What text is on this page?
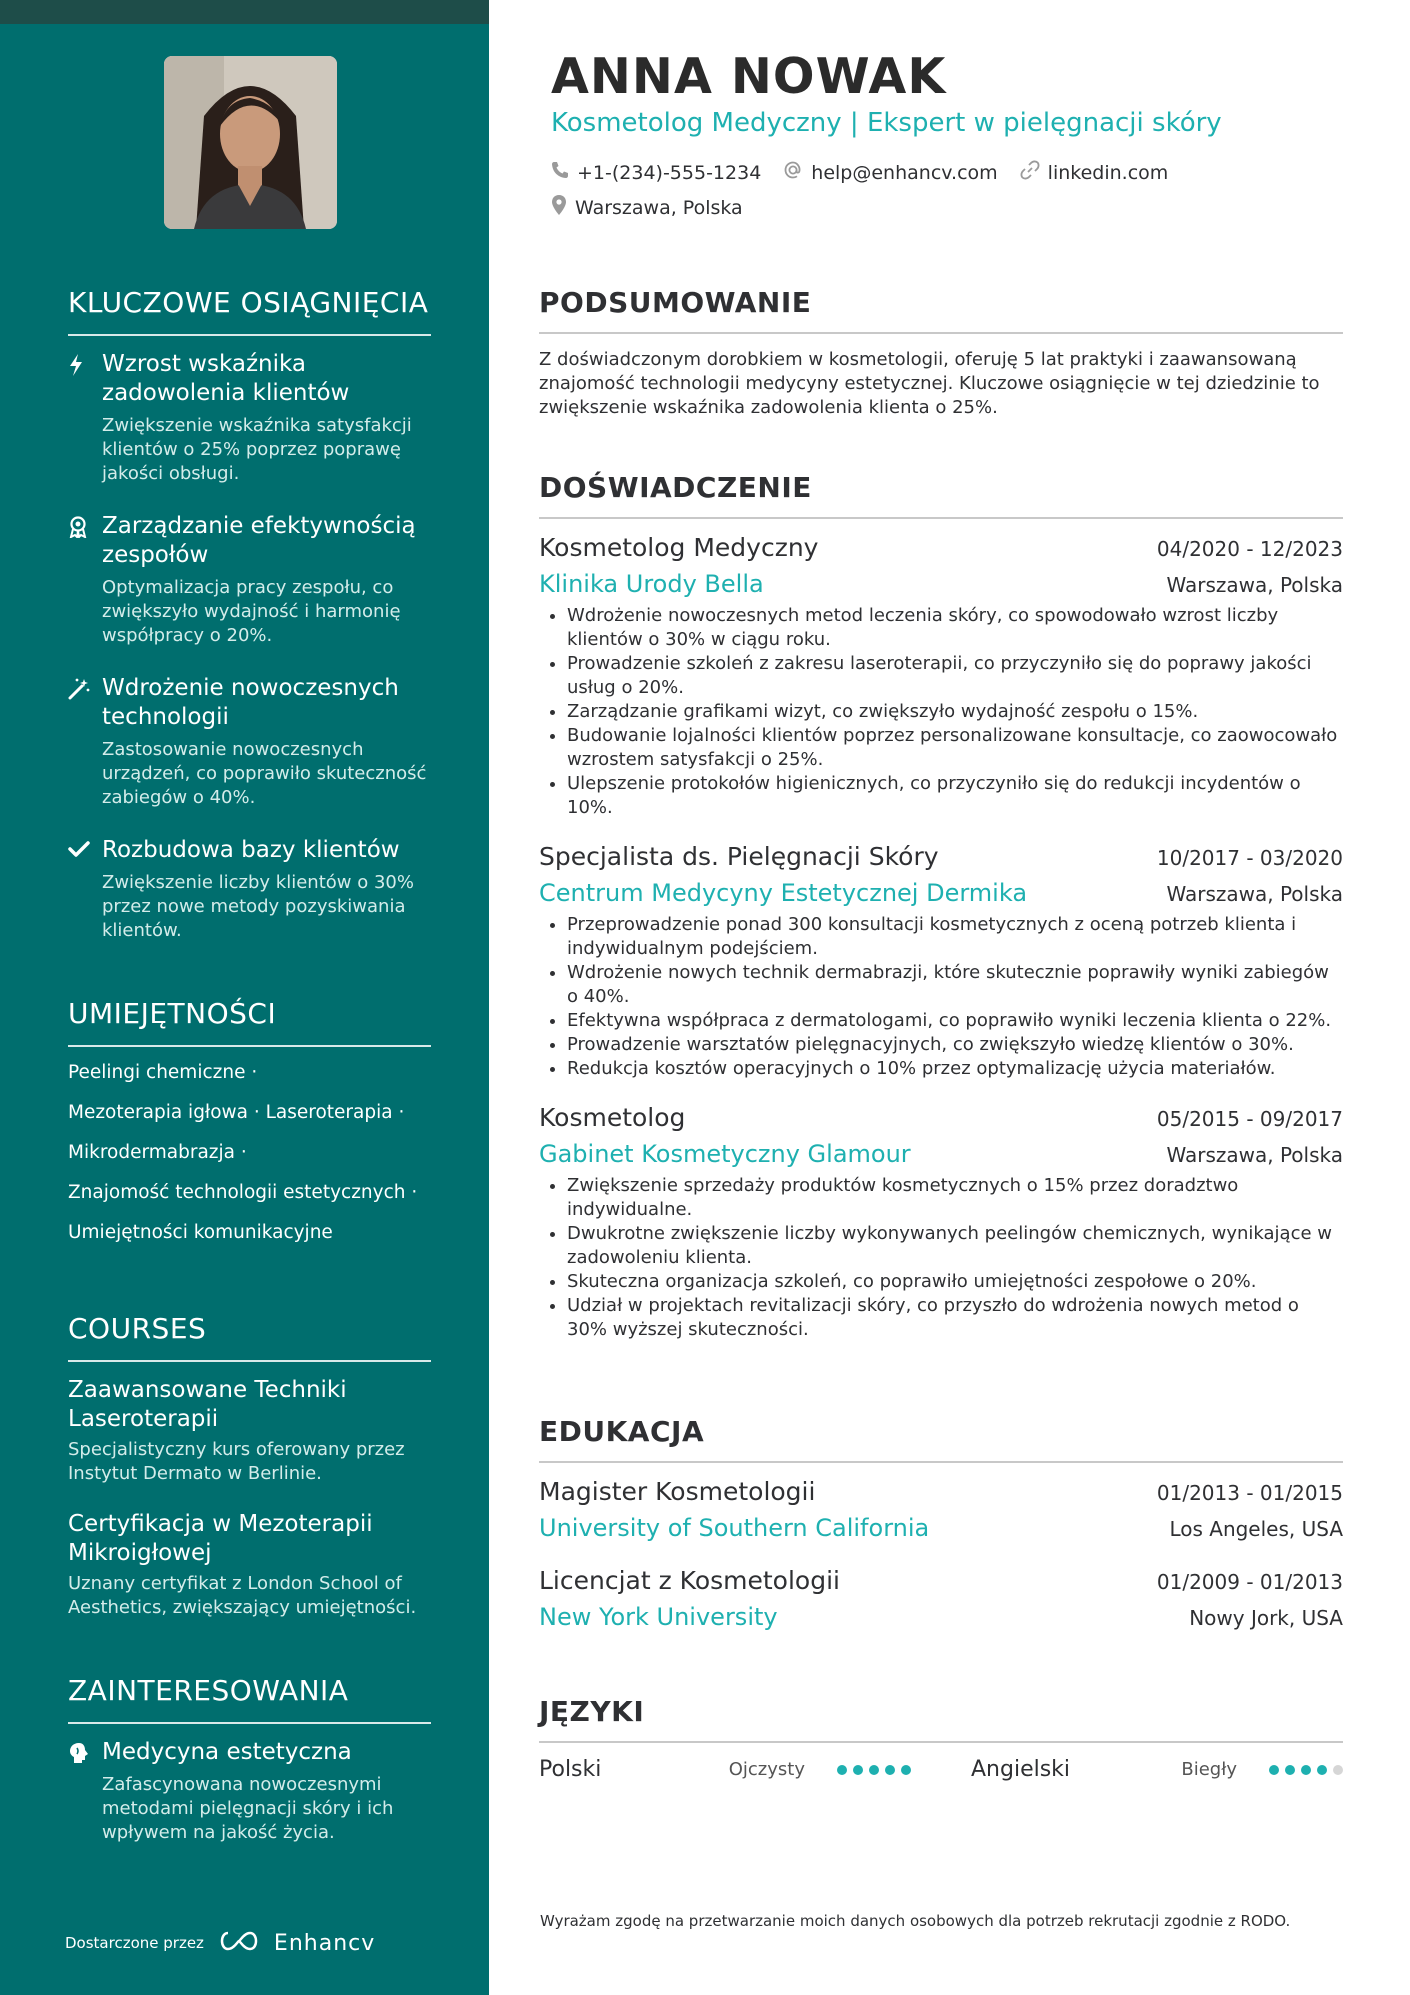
KLUCZOWE OSIĄGNIĘCIA
Wzrost wskaźnika zadowolenia klientów
Zwiększenie wskaźnika satysfakcji klientów o 25% poprzez poprawę jakości obsługi.
Zarządzanie efektywnością zespołów
Optymalizacja pracy zespołu, co zwiększyło wydajność i harmonię współpracy o 20%.
Wdrożenie nowoczesnych technologii
Zastosowanie nowoczesnych urządzeń, co poprawiło skuteczność zabiegów o 40%.
Rozbudowa bazy klientów
Zwiększenie liczby klientów o 30% przez nowe metody pozyskiwania klientów.
UMIEJĘTNOŚCI
Peelingi chemiczne ·
Mezoterapia igłowa · Laseroterapia ·
Mikrodermabrazja ·
Znajomość technologii estetycznych ·
Umiejętności komunikacyjne
COURSES
Zaawansowane Techniki Laseroterapii
Specjalistyczny kurs oferowany przez Instytut Dermato w Berlinie.
Certyfikacja w Mezoterapii Mikroigłowej
Uznany certyfikat z London School of Aesthetics, zwiększający umiejętności.
ZAINTERESOWANIA
Medycyna estetyczna
Zafascynowana nowoczesnymi metodami pielęgnacji skóry i ich wpływem na jakość życia.
Dostarczone przez	Enhancv
ANNA NOWAK
Kosmetolog Medyczny | Ekspert w pielęgnacji skóry
+1-(234)-555-1234	help@enhancv.com	linkedin.com
Warszawa, Polska
PODSUMOWANIE
Z doświadczonym dorobkiem w kosmetologii, oferuję 5 lat praktyki i zaawansowaną znajomość technologii medycyny estetycznej. Kluczowe osiągnięcie w tej dziedzinie to zwiększenie wskaźnika zadowolenia klienta o 25%.
DOŚWIADCZENIE
Kosmetolog Medyczny	04/2020 - 12/2023
Klinika Urody Bella	Warszawa, Polska
• Wdrożenie nowoczesnych metod leczenia skóry, co spowodowało wzrost liczby klientów o 30% w ciągu roku.
• Prowadzenie szkoleń z zakresu laseroterapii, co przyczyniło się do poprawy jakości usług o 20%.
• Zarządzanie grafikami wizyt, co zwiększyło wydajność zespołu o 15%.
• Budowanie lojalności klientów poprzez personalizowane konsultacje, co zaowocowało wzrostem satysfakcji o 25%.
• Ulepszenie protokołów higienicznych, co przyczyniło się do redukcji incydentów o 10%.
Specjalista ds. Pielęgnacji Skóry	10/2017 - 03/2020
Centrum Medycyny Estetycznej Dermika	Warszawa, Polska
• Przeprowadzenie ponad 300 konsultacji kosmetycznych z oceną potrzeb klienta i indywidualnym podejściem.
• Wdrożenie nowych technik dermabrazji, które skutecznie poprawiły wyniki zabiegów o 40%.
• Efektywna współpraca z dermatologami, co poprawiło wyniki leczenia klienta o 22%.
• Prowadzenie warsztatów pielęgnacyjnych, co zwiększyło wiedzę klientów o 30%.
• Redukcja kosztów operacyjnych o 10% przez optymalizację użycia materiałów.
Kosmetolog	05/2015 - 09/2017
Gabinet Kosmetyczny Glamour	Warszawa, Polska
• Zwiększenie sprzedaży produktów kosmetycznych o 15% przez doradztwo indywidualne.
• Dwukrotne zwiększenie liczby wykonywanych peelingów chemicznych, wynikające w zadowoleniu klienta.
• Skuteczna organizacja szkoleń, co poprawiło umiejętności zespołowe o 20%.
• Udział w projektach revitalizacji skóry, co przyszło do wdrożenia nowych metod o 30% wyższej skuteczności.
EDUKACJA
Magister Kosmetologii	01/2013 - 01/2015
University of Southern California	Los Angeles, USA
Licencjat z Kosmetologii	01/2009 - 01/2013
New York University	Nowy Jork, USA
JĘZYKI
Polski	Ojczysty	Angielski	Biegły
Wyrażam zgodę na przetwarzanie moich danych osobowych dla potrzeb rekrutacji zgodnie z RODO.
